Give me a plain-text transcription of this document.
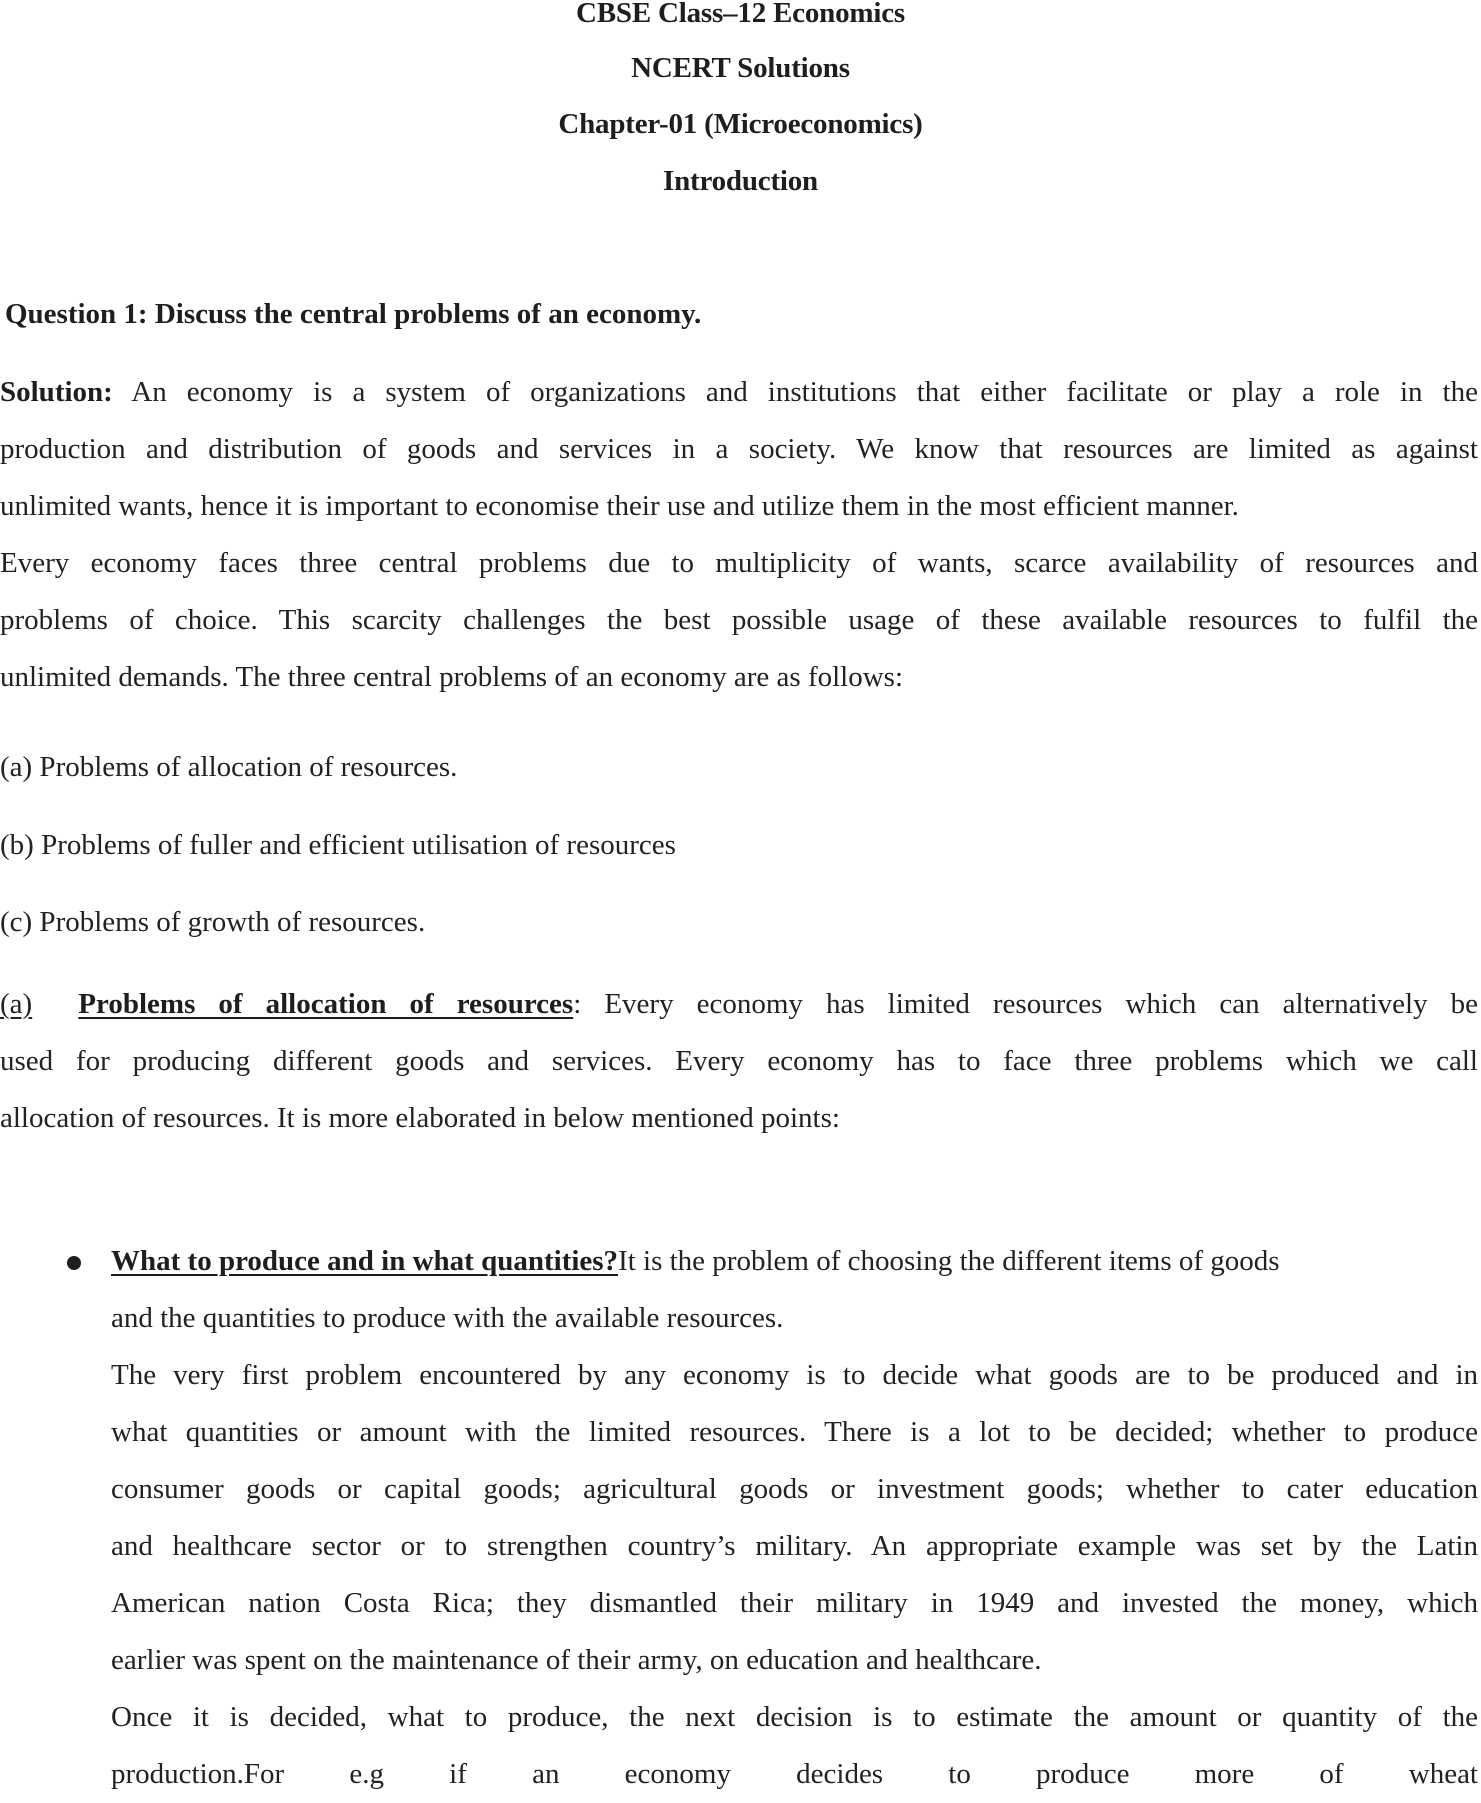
CBSE Class–12 Economics
NCERT Solutions
Chapter-01 (Microeconomics)
Introduction
Question 1: Discuss the central problems of an economy.
Solution: An economy is a system of organizations and institutions that either facilitate or play a role in the
production and distribution of goods and services in a society. We know that resources are limited as against
unlimited wants, hence it is important to economise their use and utilize them in the most efficient manner.
Every economy faces three central problems due to multiplicity of wants, scarce availability of resources and
problems of choice. This scarcity challenges the best possible usage of these available resources to fulfil the
unlimited demands. The three central problems of an economy are as follows:
(a) Problems of allocation of resources.
(b) Problems of fuller and efficient utilisation of resources
(c) Problems of growth of resources.
(a) Problems of allocation of resources: Every economy has limited resources which can alternatively be
used for producing different goods and services. Every economy has to face three problems which we call
allocation of resources. It is more elaborated in below mentioned points:
What to produce and in what quantities?It is the problem of choosing the different items of goods
and the quantities to produce with the available resources.
The very first problem encountered by any economy is to decide what goods are to be produced and in
what quantities or amount with the limited resources. There is a lot to be decided; whether to produce
consumer goods or capital goods; agricultural goods or investment goods; whether to cater education
and healthcare sector or to strengthen country’s military. An appropriate example was set by the Latin
American nation Costa Rica; they dismantled their military in 1949 and invested the money, which
earlier was spent on the maintenance of their army, on education and healthcare.
Once it is decided, what to produce, the next decision is to estimate the amount or quantity of the
production.For e.g if an economy decides to produce more of wheat
